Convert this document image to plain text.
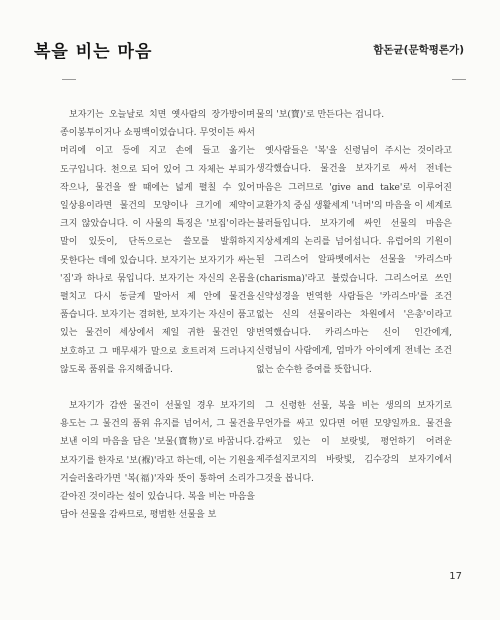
복을 비는 마음	함돈균(문학평론가)

보자기는 오늘날로 치면 옛사람의 장가방이며 종이봉투이거나 쇼핑백이었습니다. 무엇이든 싸서 머리에 이고 등에 지고 손에 들고 옮기는 도구입니다. 천으로 되어 있어 그 자체는 부피가 작으나, 물건을 쌀 때에는 넓게 펼칠 수 있어 일상용이라면 물건의 모양이나 크기에 제약이 크지 않았습니다. 이 사물의 특징은 '보집'이라는 말이 있듯이, 단독으로는 쓸모를 발휘하지 못한다는 데에 있습니다. 보자기는 보자기가 싸는 '짐'과 하나로 묶입니다. 보자기는 자신의 온몸을 펼치고 다시 동글게 말아서 제 안에 물건을 품습니다. 보자기는 겸허한, 보자기는 자신이 품고 있는 물건이 세상에서 제일 귀한 물건인 양 보호하고 그 매무새가 말으로 흐트러져 드러나지 않도록 품위를 유지해줍니다.

보자기가 감싼 물건이 선물일 경우 보자기의 용도는 그 물건의 품위 유지를 넘어서, 그 물건을 보낸 이의 마음을 담은 '보물(寶物)'로 바꿉니다. 보자기를 한자로 '보(褓)'라고 하는데, 이는 기원을 거슬러올라가면 '복(福)'자와 뜻이 통하여 소리가 같아진 것이라는 설이 있습니다. 복을 비는 마음을 담아 선물을 감싸므로, 평범한 선물을 보

물의 '보(寶)'로 만든다는 겁니다.

옛사람들은 '복'을 신령님이 주시는 것이라고 생각했습니다. 물건을 보자기로 싸서 전네는 마음은 그러므로 'give and take'로 이루어진 교환가치 중심 생활세계 '너머'의 마음을 이 세계로 불러들입니다. 보자기에 싸인 선물의 마음은 지상세계의 논리를 넘어섭니다. 유럽어의 기원이 된 그리스어 알파벳에서는 선물을 '카리스마(charisma)'라고 불렀습니다. 그리스어로 쓰인 신약성경을 번역한 사람들은 '카리스마'를 조건 없는 신의 선물이라는 차원에서 '은총'이라고 번역했습니다. 카리스마는 신이 인간에게, 신령님이 사람에게, 엄마가 아이에게 전네는 조건 없는 순수한 증여를 뜻합니다.

그 신령한 선물, 복을 비는 생의의 보자기로 무언가를 싸고 있다면 어떤 모양일까요. 물건을 감싸고 있는 이 보랏빛, 평언하기 어려운 제주설지코지의 바랏빛, 김수강의 보자기에서 그것을 봅니다.

17
